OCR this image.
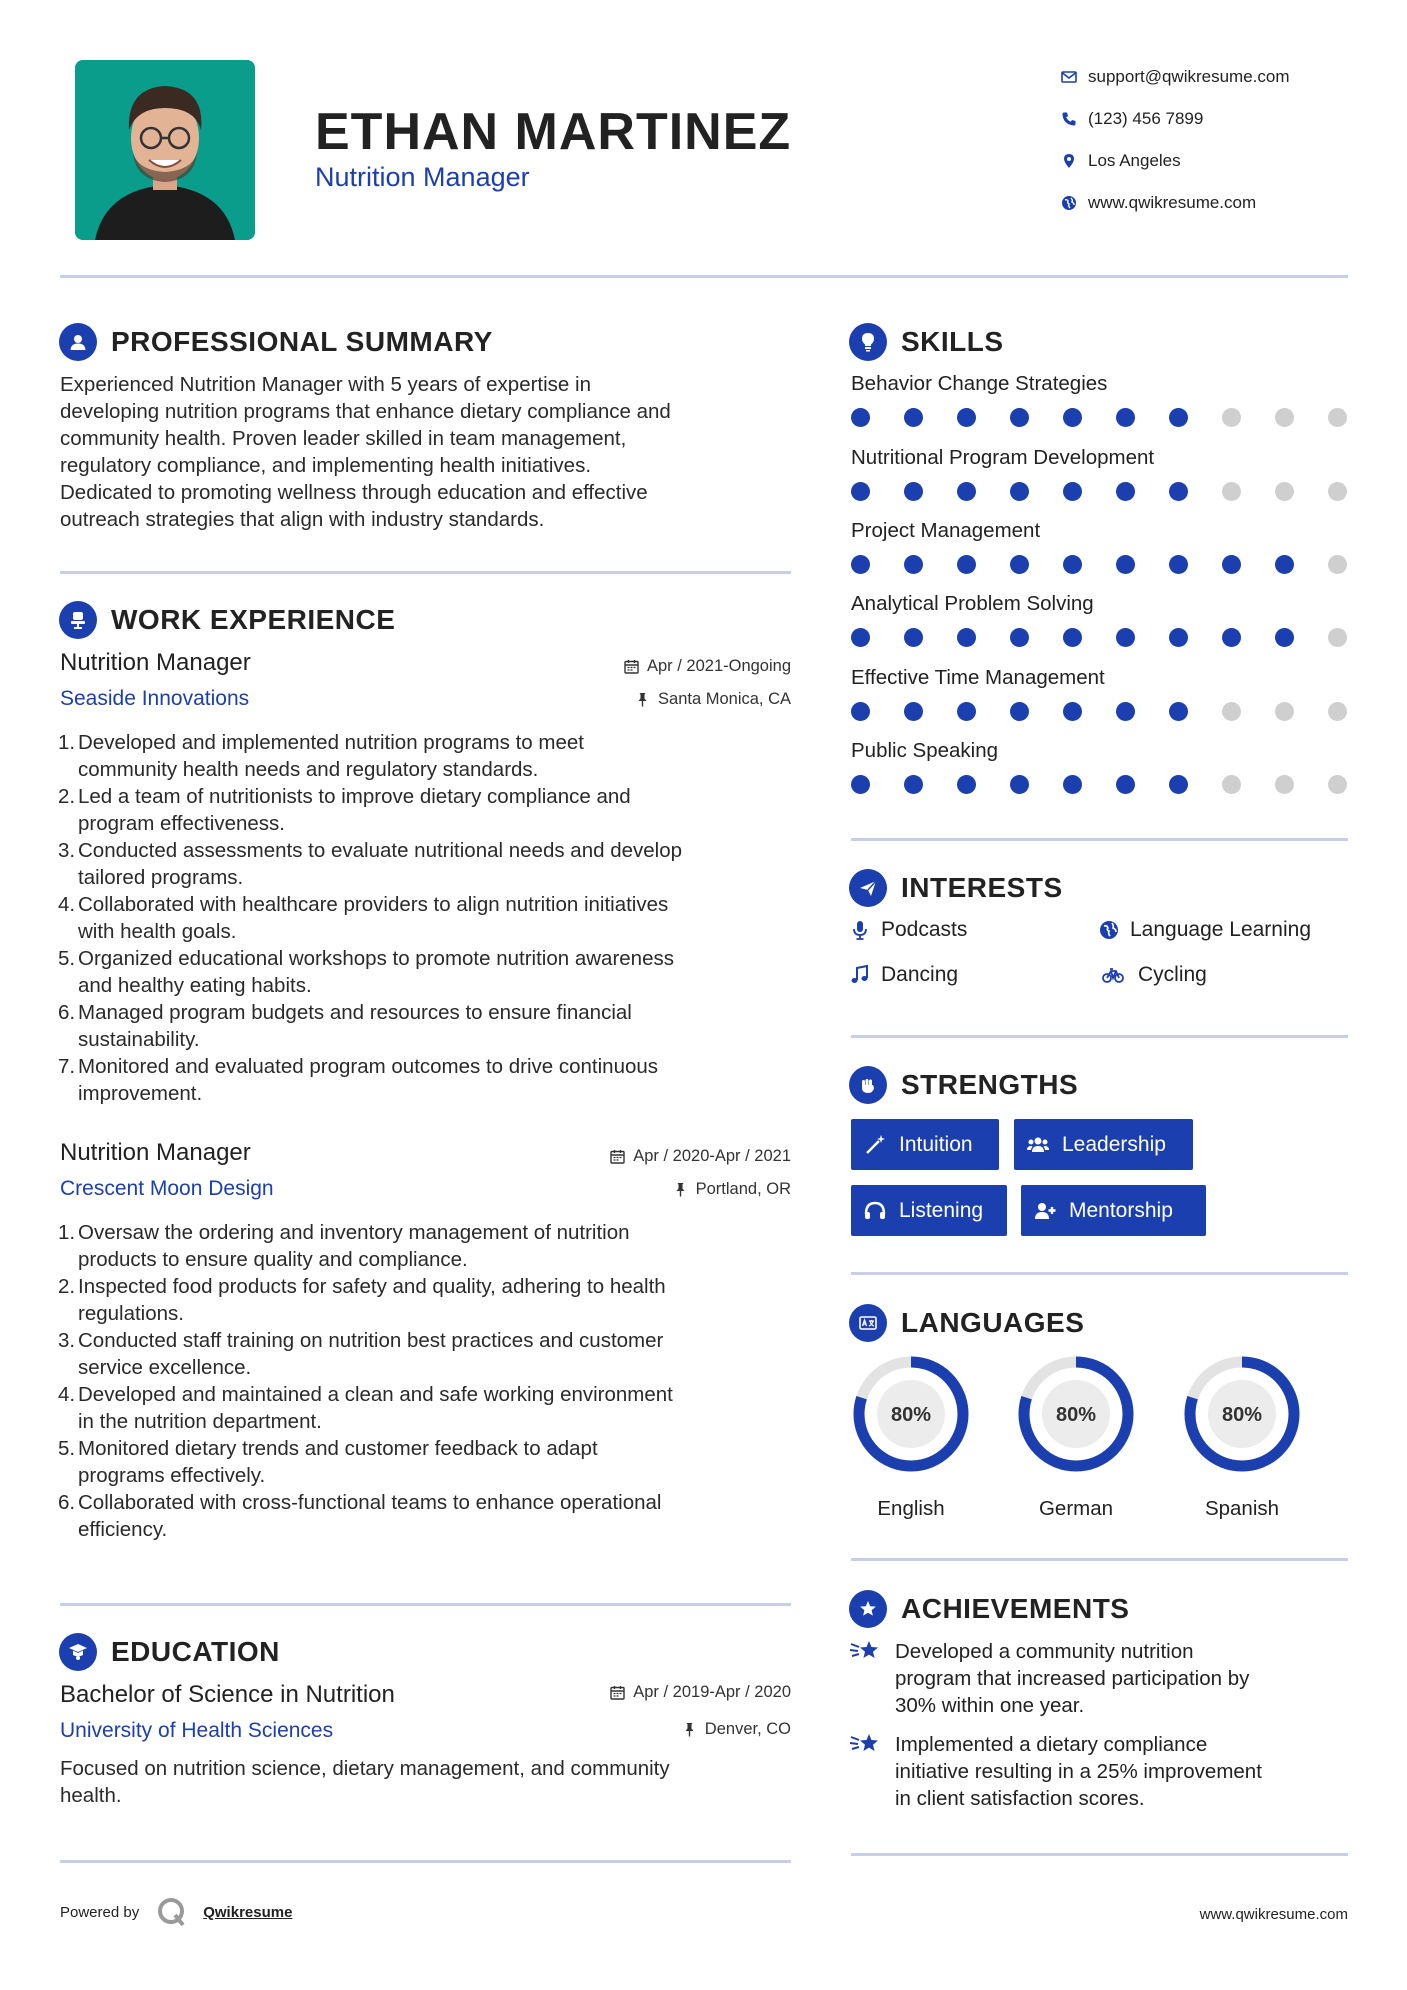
ETHAN MARTINEZ
Nutrition Manager
support@qwikresume.com
(123) 456 7899
Los Angeles
www.qwikresume.com
PROFESSIONAL SUMMARY
Experienced Nutrition Manager with 5 years of expertise in
developing nutrition programs that enhance dietary compliance and
community health. Proven leader skilled in team management,
regulatory compliance, and implementing health initiatives.
Dedicated to promoting wellness through education and effective
outreach strategies that align with industry standards.
WORK EXPERIENCE
Nutrition Manager	Apr / 2021-Ongoing
Seaside Innovations	Santa Monica, CA
1. Developed and implemented nutrition programs to meet
community health needs and regulatory standards.
2. Led a team of nutritionists to improve dietary compliance and
program effectiveness.
3. Conducted assessments to evaluate nutritional needs and develop
tailored programs.
4. Collaborated with healthcare providers to align nutrition initiatives
with health goals.
5. Organized educational workshops to promote nutrition awareness
and healthy eating habits.
6. Managed program budgets and resources to ensure financial
sustainability.
7. Monitored and evaluated program outcomes to drive continuous
improvement.
Nutrition Manager	Apr / 2020-Apr / 2021
Crescent Moon Design	Portland, OR
1. Oversaw the ordering and inventory management of nutrition
products to ensure quality and compliance.
2. Inspected food products for safety and quality, adhering to health
regulations.
3. Conducted staff training on nutrition best practices and customer
service excellence.
4. Developed and maintained a clean and safe working environment
in the nutrition department.
5. Monitored dietary trends and customer feedback to adapt
programs effectively.
6. Collaborated with cross-functional teams to enhance operational
efficiency.
EDUCATION
Bachelor of Science in Nutrition	Apr / 2019-Apr / 2020
University of Health Sciences	Denver, CO
Focused on nutrition science, dietary management, and community
health.
SKILLS
Behavior Change Strategies
Nutritional Program Development
Project Management
Analytical Problem Solving
Effective Time Management
Public Speaking
INTERESTS
Podcasts	Language Learning
Dancing	Cycling
STRENGTHS
Intuition	Leadership
Listening	Mentorship
LANGUAGES
80%
English
80%
German
80%
Spanish
ACHIEVEMENTS
Developed a community nutrition
program that increased participation by
30% within one year.
Implemented a dietary compliance
initiative resulting in a 25% improvement
in client satisfaction scores.
Powered by	Qwikresume	www.qwikresume.com
